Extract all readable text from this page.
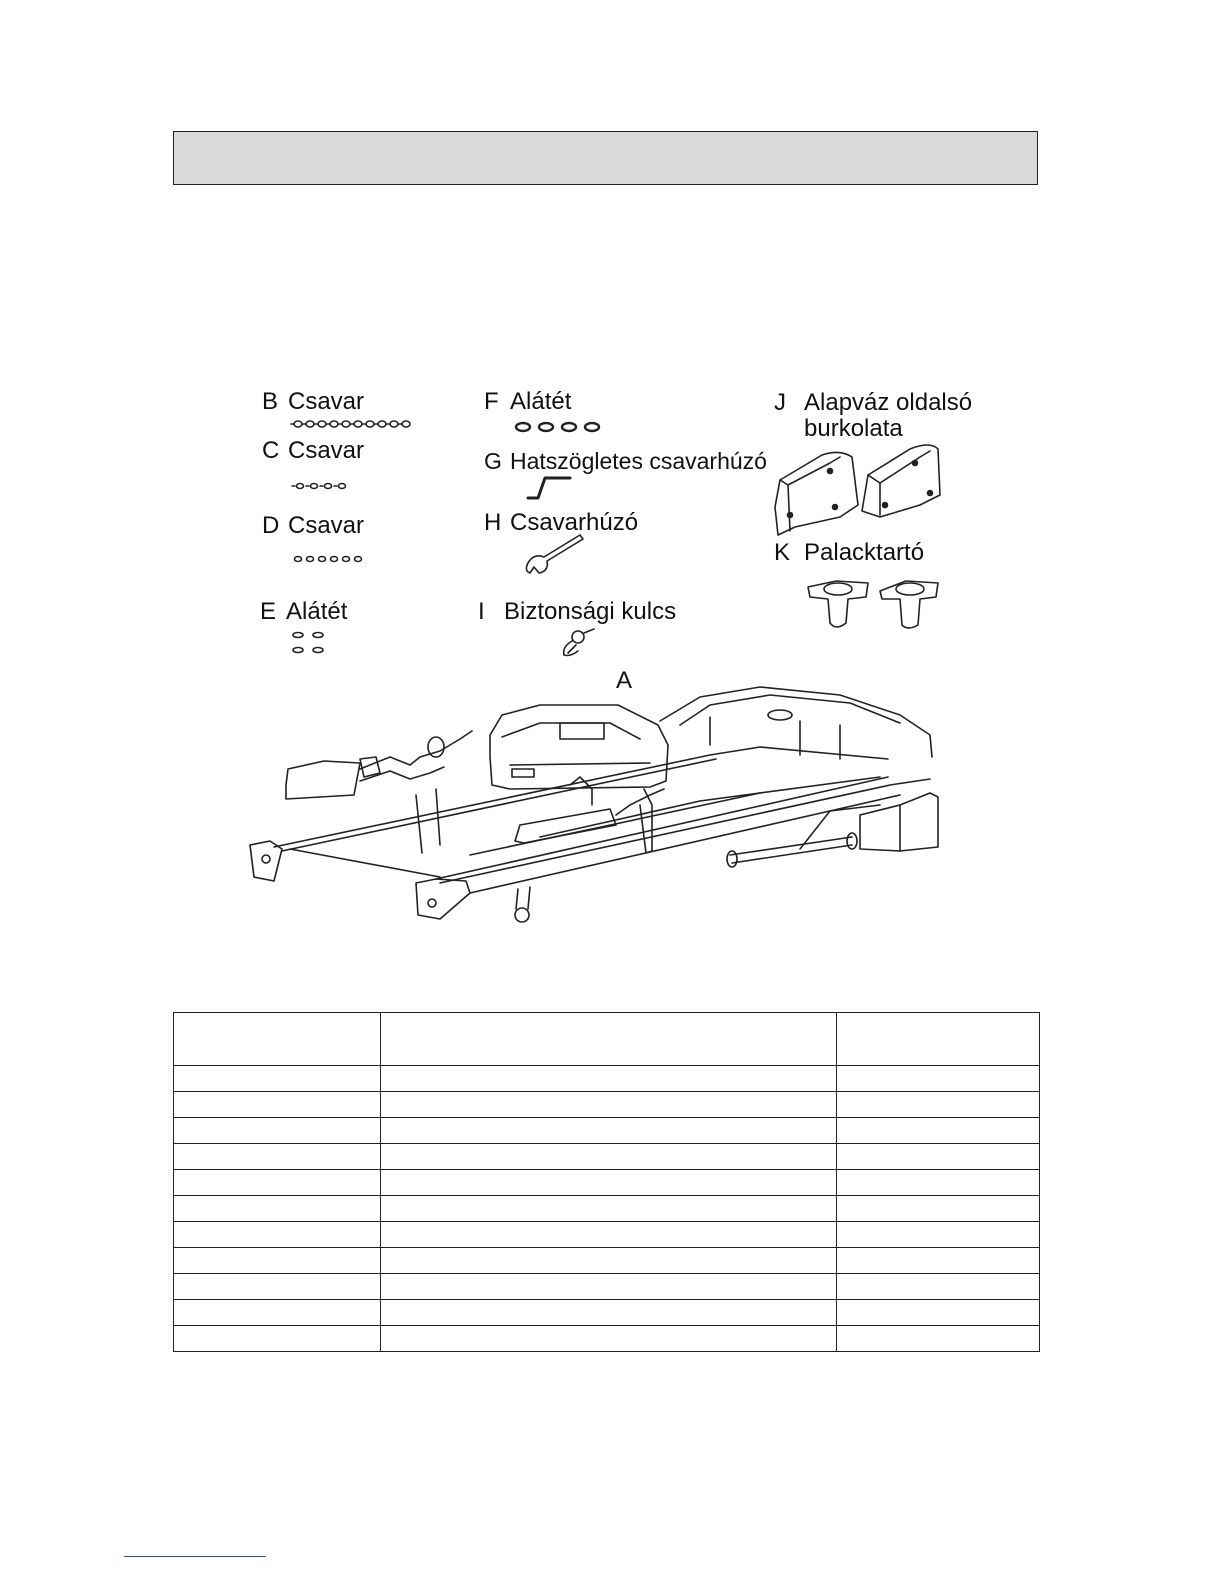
B Csavar
C Csavar
D Csavar
E Alátét
F Alátét
G Hatszögletes csavarhúzó
H Csavarhúzó
I Biztonsági kulcs
J Alapváz oldalsó
burkolata
K Palacktartó
A
